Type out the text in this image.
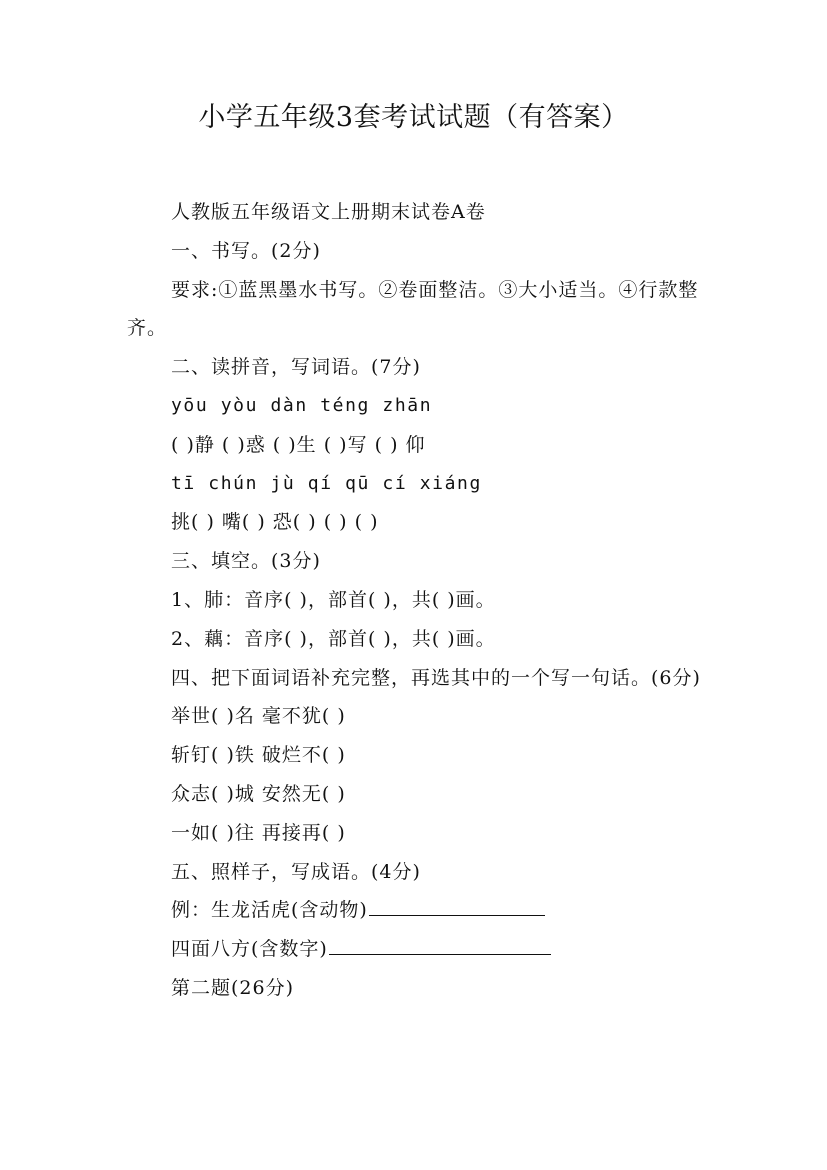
小学五年级3套考试试题（有答案）
人教版五年级语文上册期末试卷A卷
一、书写。(2分)
要求:①蓝黑墨水书写。②卷面整洁。③大小适当。④行款整齐。
二、读拼音，写词语。(7分)
yōu yòu dàn téng zhān
( )静 ( )惑 ( )生 ( )写 ( ) 仰
tī chún jù qí qū cí xiáng
挑( ) 嘴( ) 恐( ) ( ) ( )
三、填空。(3分)
1、肺：音序( )，部首( )，共( )画。
2、藕：音序( )，部首( )，共( )画。
四、把下面词语补充完整，再选其中的一个写一句话。(6分)
举世( )名 毫不犹( )
斩钉( )铁 破烂不( )
众志( )城 安然无( )
一如( )往 再接再( )
五、照样子，写成语。(4分)
例：生龙活虎(含动物)
四面八方(含数字)
第二题(26分)
